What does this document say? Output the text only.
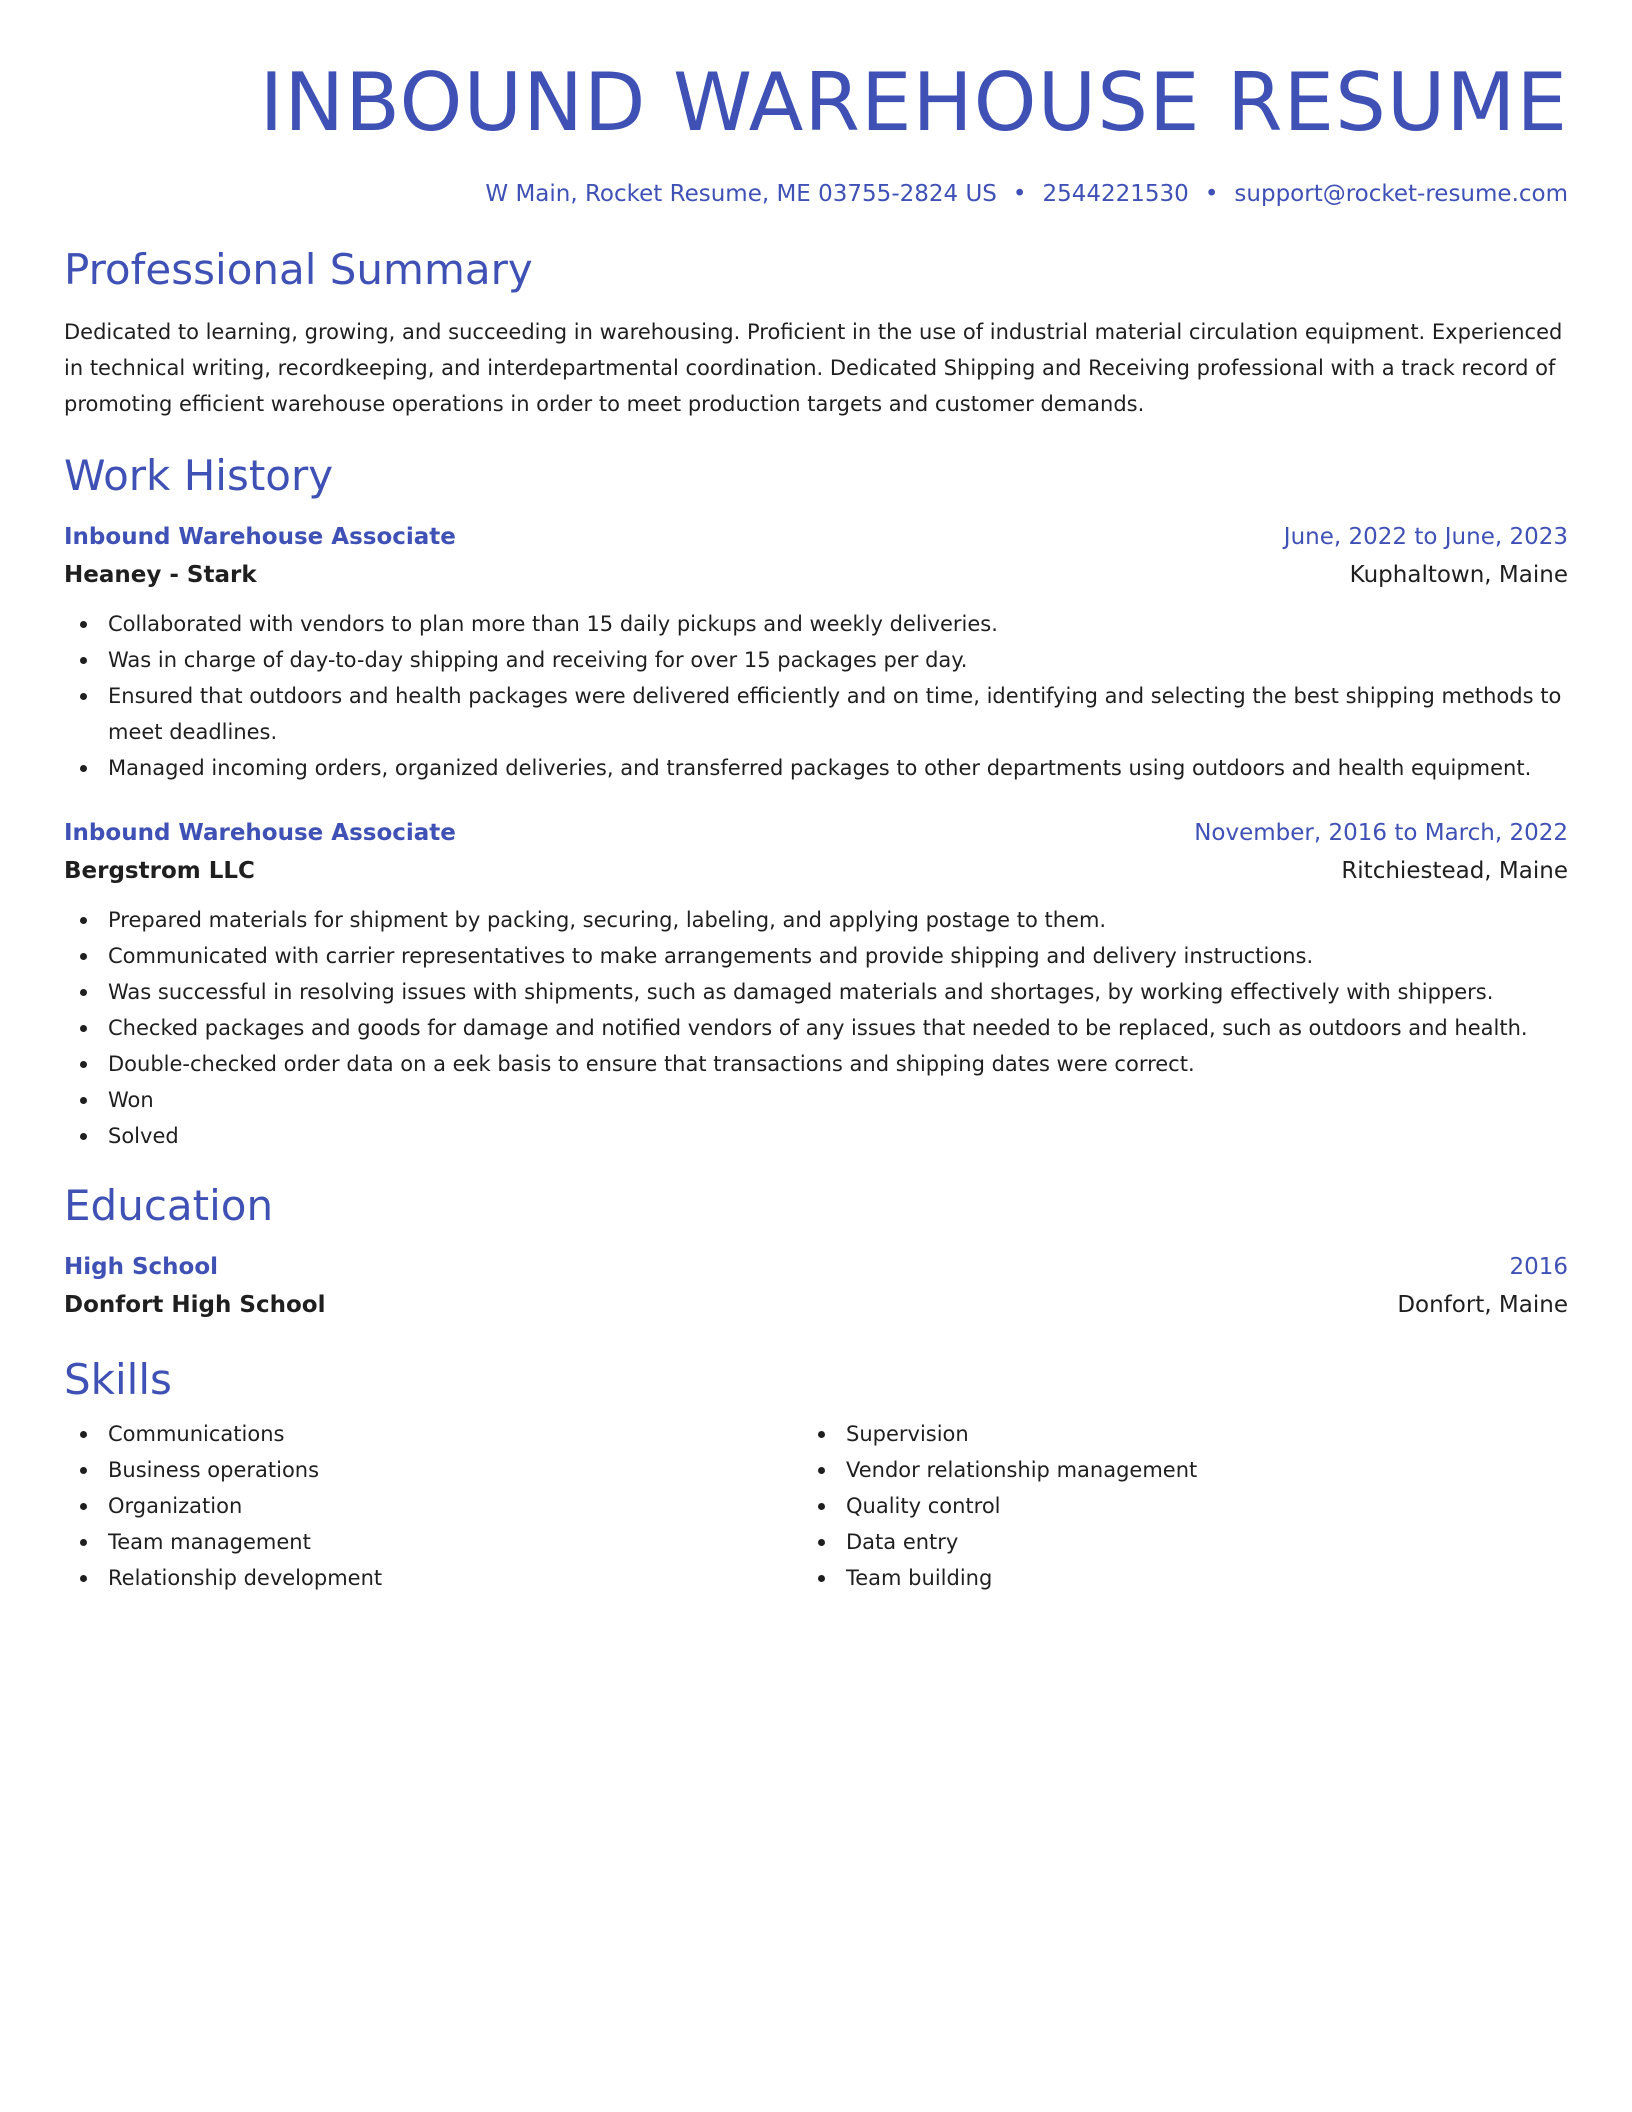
INBOUND WAREHOUSE RESUME
W Main, Rocket Resume, ME 03755-2824 US • 2544221530 • support@rocket-resume.com
Professional Summary
Dedicated to learning, growing, and succeeding in warehousing. Proficient in the use of industrial material circulation equipment. Experienced in technical writing, recordkeeping, and interdepartmental coordination. Dedicated Shipping and Receiving professional with a track record of promoting efficient warehouse operations in order to meet production targets and customer demands.
Work History
Inbound Warehouse Associate	June, 2022 to June, 2023
Heaney - Stark	Kuphaltown, Maine
Collaborated with vendors to plan more than 15 daily pickups and weekly deliveries.
Was in charge of day-to-day shipping and receiving for over 15 packages per day.
Ensured that outdoors and health packages were delivered efficiently and on time, identifying and selecting the best shipping methods to meet deadlines.
Managed incoming orders, organized deliveries, and transferred packages to other departments using outdoors and health equipment.
Inbound Warehouse Associate	November, 2016 to March, 2022
Bergstrom LLC	Ritchiestead, Maine
Prepared materials for shipment by packing, securing, labeling, and applying postage to them.
Communicated with carrier representatives to make arrangements and provide shipping and delivery instructions.
Was successful in resolving issues with shipments, such as damaged materials and shortages, by working effectively with shippers.
Checked packages and goods for damage and notified vendors of any issues that needed to be replaced, such as outdoors and health.
Double-checked order data on a eek basis to ensure that transactions and shipping dates were correct.
Won
Solved
Education
High School	2016
Donfort High School	Donfort, Maine
Skills
Communications
Business operations
Organization
Team management
Relationship development
Supervision
Vendor relationship management
Quality control
Data entry
Team building
